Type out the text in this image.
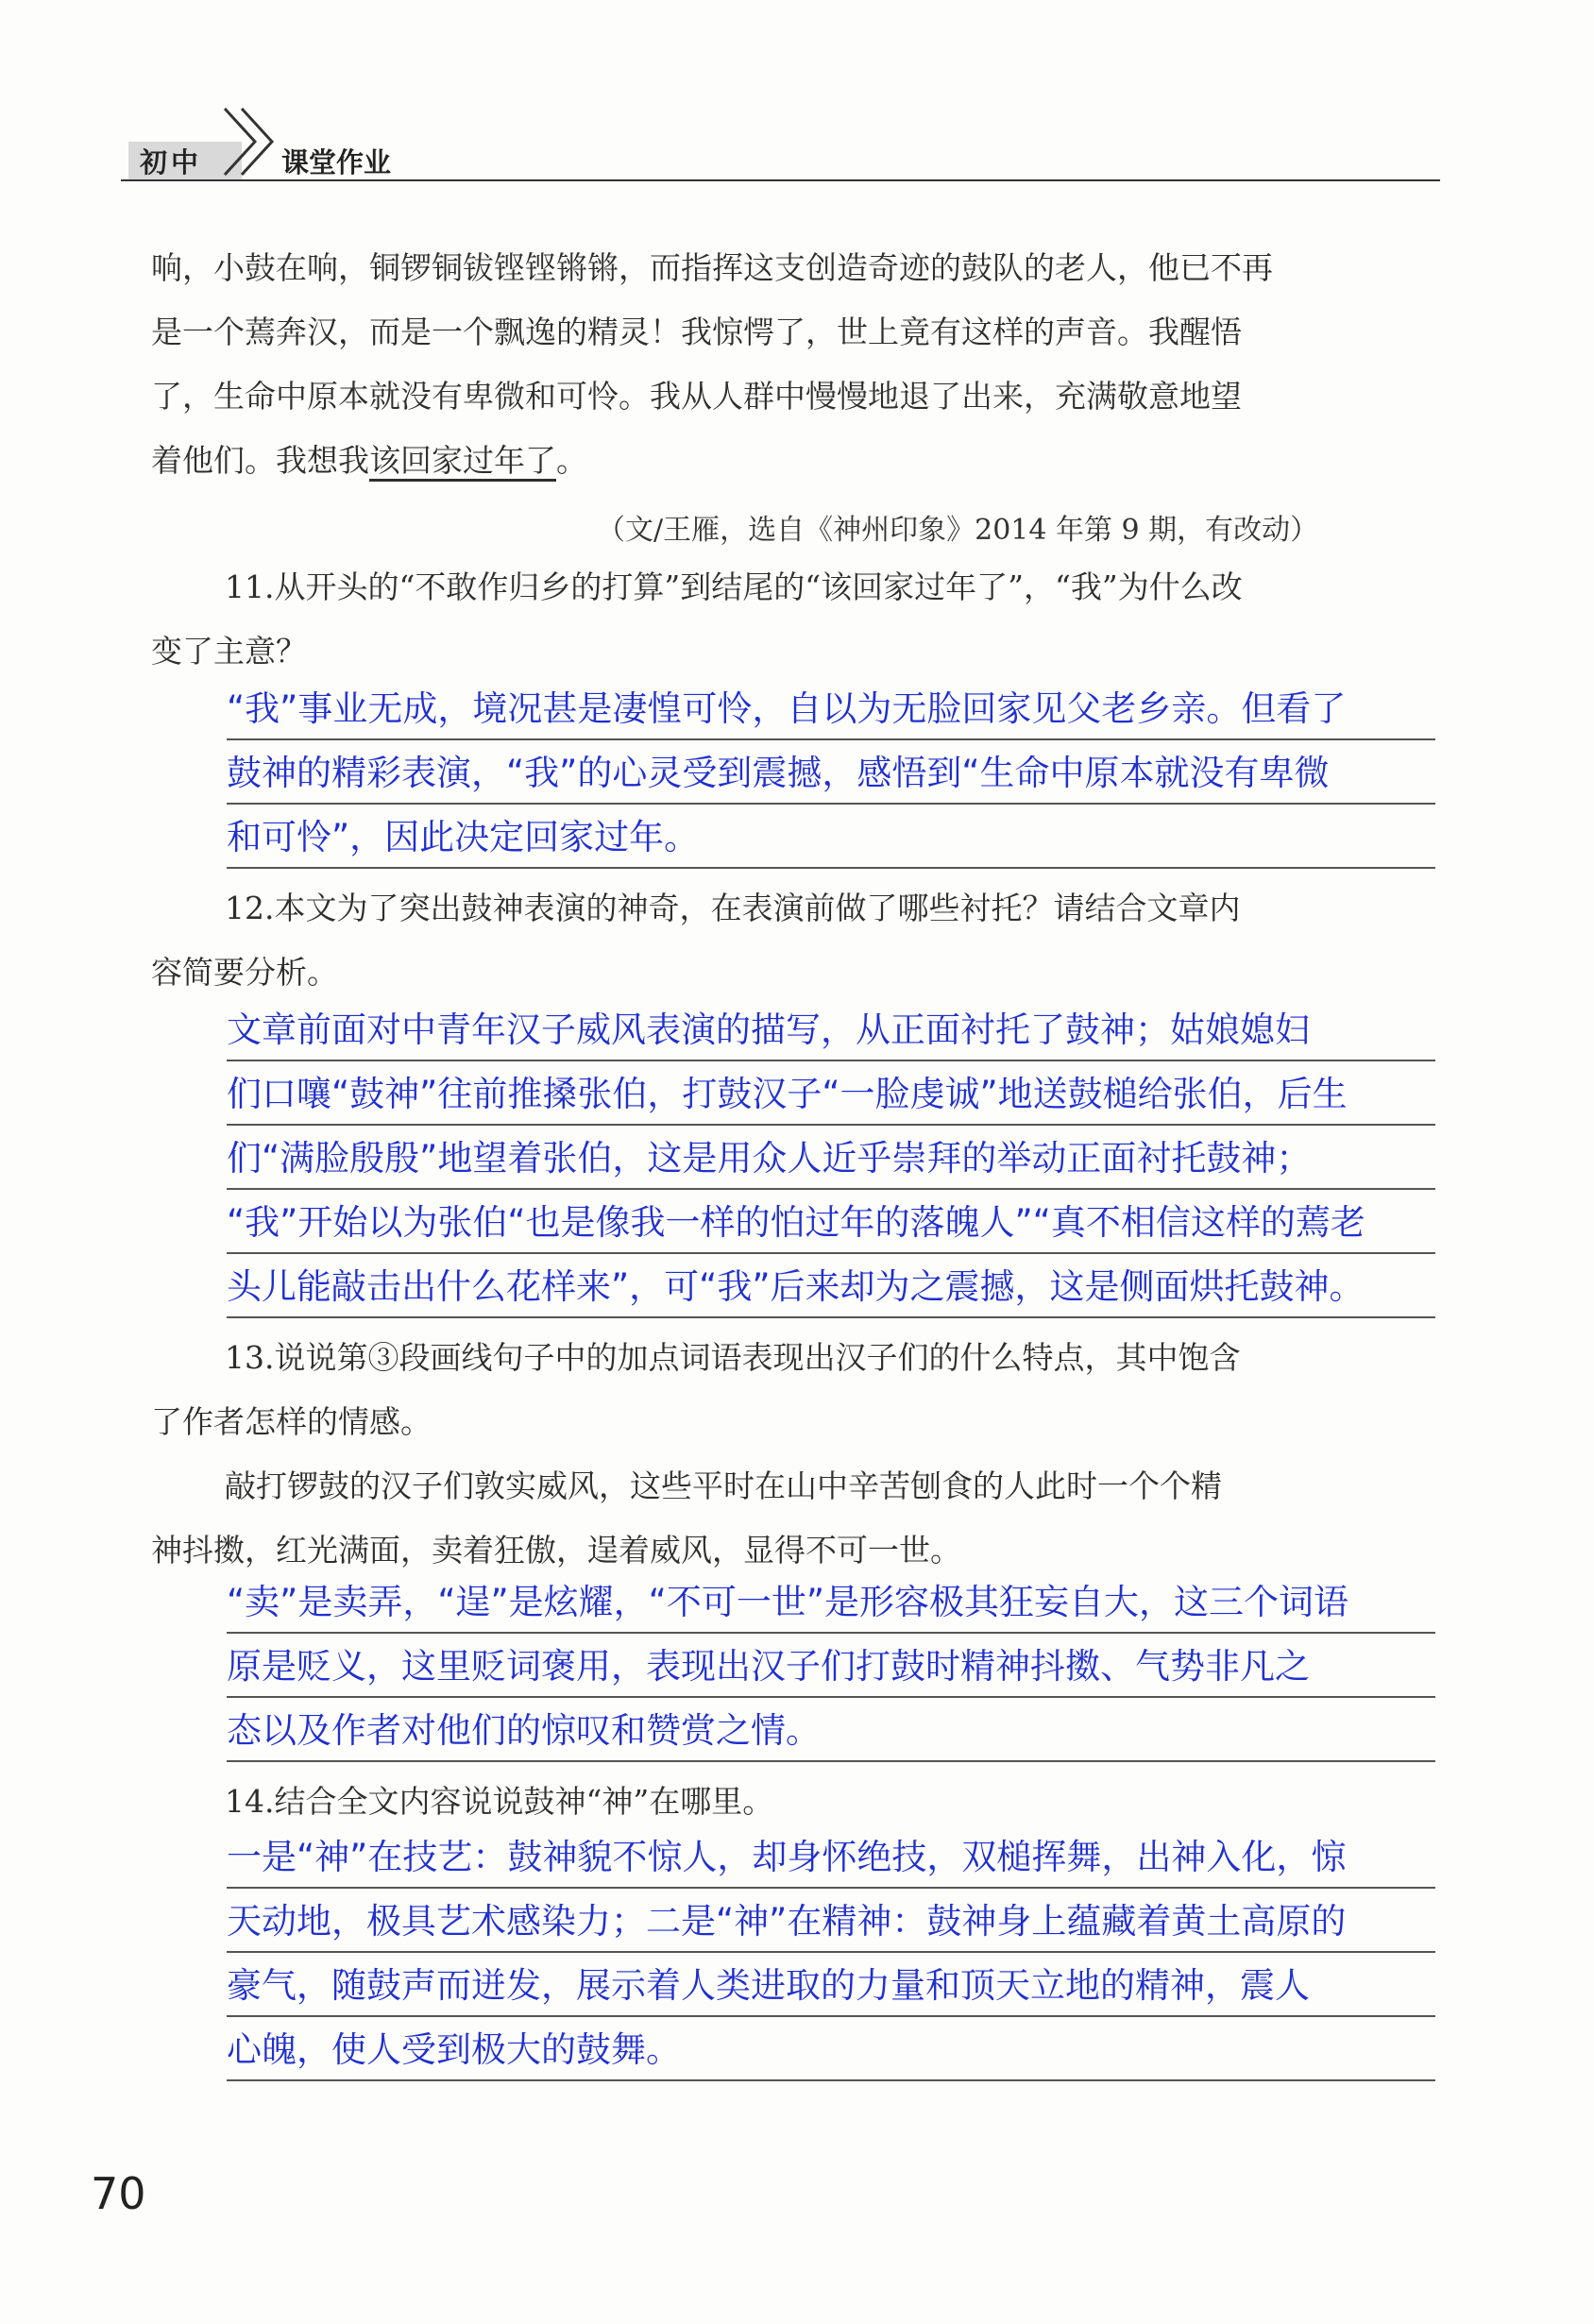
初中	课堂作业
响，小鼓在响，铜锣铜钹铿铿锵锵，而指挥这支创造奇迹的鼓队的老人，他已不再
是一个蔫奔汉，而是一个飘逸的精灵！我惊愕了，世上竟有这样的声音。我醒悟
了，生命中原本就没有卑微和可怜。我从人群中慢慢地退了出来，充满敬意地望
着他们。我想我该回家过年了。
（文/王雁，选自《神州印象》2014 年第 9 期，有改动）
11.从开头的“不敢作归乡的打算”到结尾的“该回家过年了”，“我”为什么改
变了主意？
“我”事业无成，境况甚是凄惶可怜，自以为无脸回家见父老乡亲。但看了
鼓神的精彩表演，“我”的心灵受到震撼，感悟到“生命中原本就没有卑微
和可怜”，因此决定回家过年。
12.本文为了突出鼓神表演的神奇，在表演前做了哪些衬托？请结合文章内
容简要分析。
文章前面对中青年汉子威风表演的描写，从正面衬托了鼓神；姑娘媳妇
们口嚷“鼓神”往前推搡张伯，打鼓汉子“一脸虔诚”地送鼓槌给张伯，后生
们“满脸殷殷”地望着张伯，这是用众人近乎崇拜的举动正面衬托鼓神；
“我”开始以为张伯“也是像我一样的怕过年的落魄人”“真不相信这样的蔫老
头儿能敲击出什么花样来”，可“我”后来却为之震撼，这是侧面烘托鼓神。
13.说说第③段画线句子中的加点词语表现出汉子们的什么特点，其中饱含
了作者怎样的情感。
敲打锣鼓的汉子们敦实威风，这些平时在山中辛苦刨食的人此时一个个精
神抖擞，红光满面，卖着狂傲，逞着威风，显得不可一世。
“卖”是卖弄，“逞”是炫耀，“不可一世”是形容极其狂妄自大，这三个词语
原是贬义，这里贬词褒用，表现出汉子们打鼓时精神抖擞、气势非凡之
态以及作者对他们的惊叹和赞赏之情。
14.结合全文内容说说鼓神“神”在哪里。
一是“神”在技艺：鼓神貌不惊人，却身怀绝技，双槌挥舞，出神入化，惊
天动地，极具艺术感染力；二是“神”在精神：鼓神身上蕴藏着黄土高原的
豪气，随鼓声而迸发，展示着人类进取的力量和顶天立地的精神，震人
心魄，使人受到极大的鼓舞。
70
